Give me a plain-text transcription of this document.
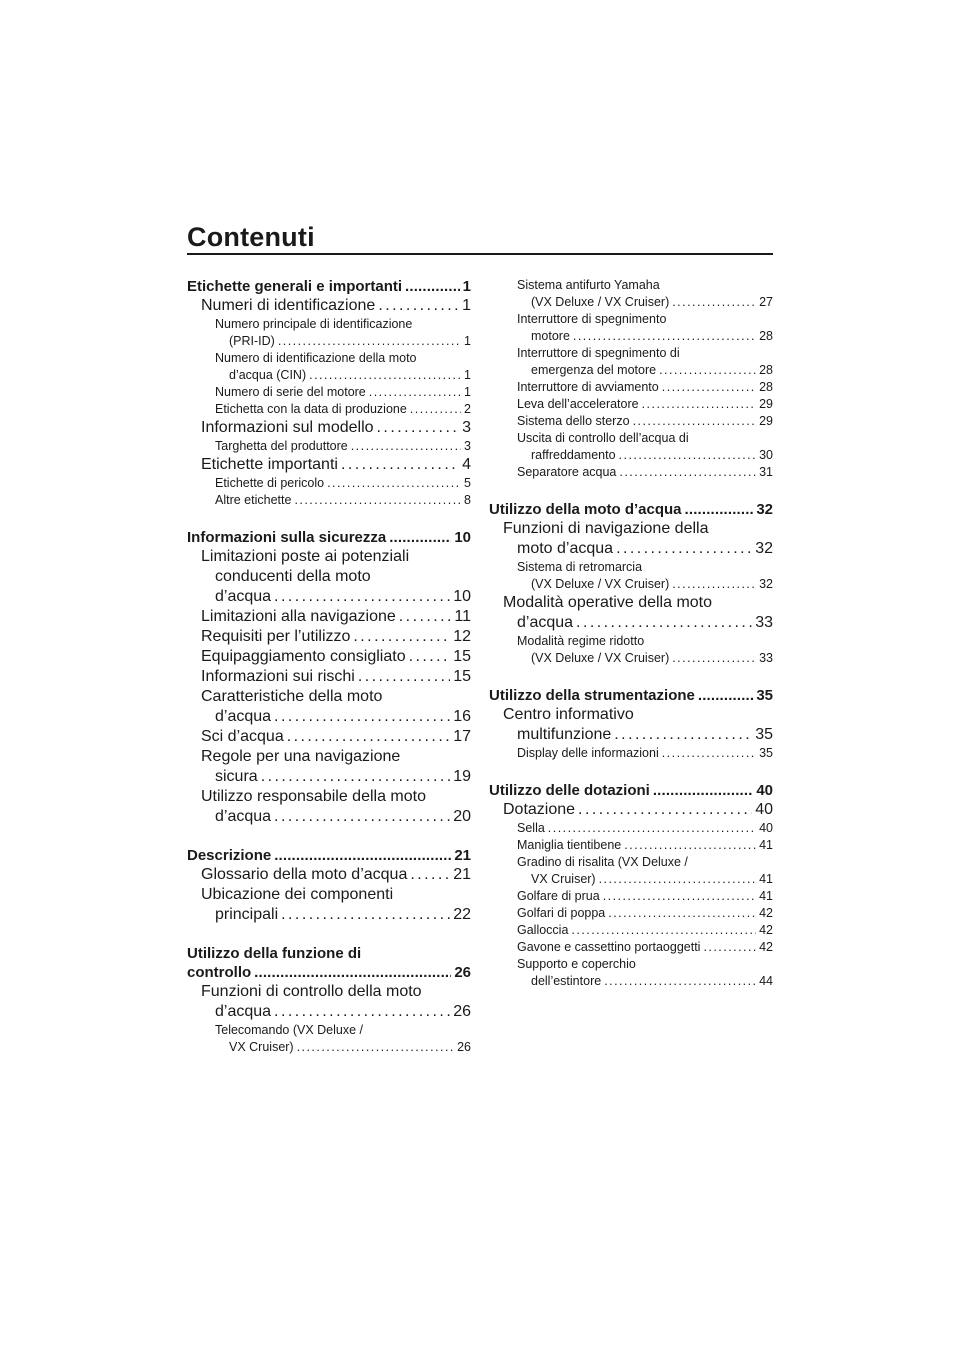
Contenuti
Etichette generali e importanti . . .	1
Numeri di identificazione . . .	1
Numero principale di identificazione
(PRI-ID) . . .	1
Numero di identificazione della moto
d’acqua (CIN) . . .	1
Numero di serie del motore . . .	1
Etichetta con la data di produzione . . .	2
Informazioni sul modello . . .	3
Targhetta del produttore . . .	3
Etichette importanti . . .	4
Etichette di pericolo . . .	5
Altre etichette . . .	8
Informazioni sulla sicurezza . . .	10
Limitazioni poste ai potenziali
conducenti della moto
d’acqua . . .	10
Limitazioni alla navigazione . . .	11
Requisiti per l’utilizzo . . .	12
Equipaggiamento consigliato . . .	15
Informazioni sui rischi . . .	15
Caratteristiche della moto
d’acqua . . .	16
Sci d’acqua . . .	17
Regole per una navigazione
sicura . . .	19
Utilizzo responsabile della moto
d’acqua . . .	20
Descrizione . . .	21
Glossario della moto d’acqua . . .	21
Ubicazione dei componenti
principali . . .	22
Utilizzo della funzione di
controllo . . .	26
Funzioni di controllo della moto
d’acqua . . .	26
Telecomando (VX Deluxe /
VX Cruiser) . . .	26
Sistema antifurto Yamaha
(VX Deluxe / VX Cruiser) . . .	27
Interruttore di spegnimento
motore . . .	28
Interruttore di spegnimento di
emergenza del motore . . .	28
Interruttore di avviamento . . .	28
Leva dell’acceleratore . . .	29
Sistema dello sterzo . . .	29
Uscita di controllo dell’acqua di
raffreddamento . . .	30
Separatore acqua . . .	31
Utilizzo della moto d’acqua . . .	32
Funzioni di navigazione della
moto d’acqua . . .	32
Sistema di retromarcia
(VX Deluxe / VX Cruiser) . . .	32
Modalità operative della moto
d’acqua . . .	33
Modalità regime ridotto
(VX Deluxe / VX Cruiser) . . .	33
Utilizzo della strumentazione . . .	35
Centro informativo
multifunzione . . .	35
Display delle informazioni . . .	35
Utilizzo delle dotazioni . . .	40
Dotazione . . .	40
Sella . . .	40
Maniglia tientibene . . .	41
Gradino di risalita (VX Deluxe /
VX Cruiser) . . .	41
Golfare di prua . . .	41
Golfari di poppa . . .	42
Galloccia . . .	42
Gavone e cassettino portaoggetti . . .	42
Supporto e coperchio
dell’estintore . . .	44
